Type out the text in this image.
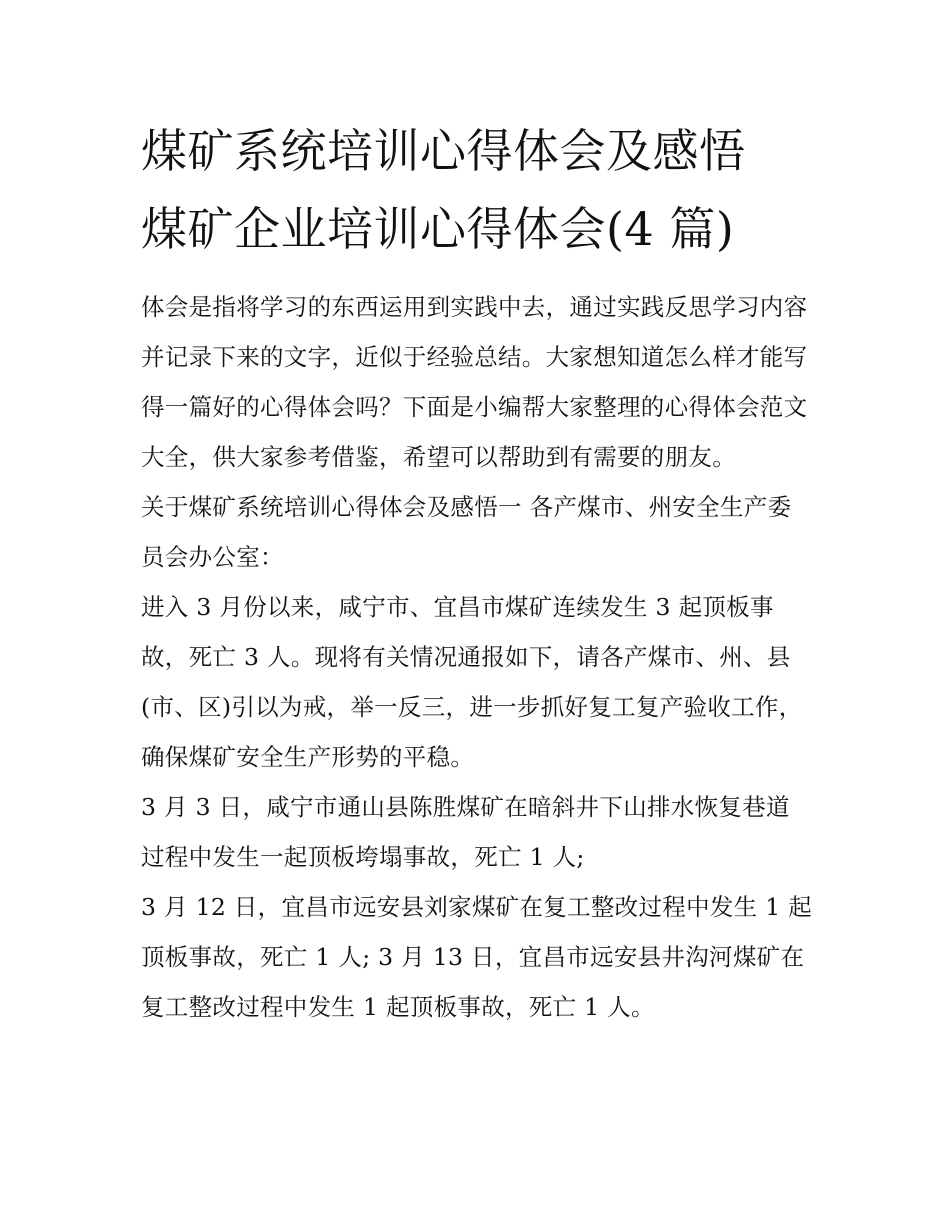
煤矿系统培训心得体会及感悟
煤矿企业培训心得体会(4 篇)

体会是指将学习的东西运用到实践中去，通过实践反思学习内容并记录下来的文字，近似于经验总结。大家想知道怎么样才能写得一篇好的心得体会吗？下面是小编帮大家整理的心得体会范文大全，供大家参考借鉴，希望可以帮助到有需要的朋友。

关于煤矿系统培训心得体会及感悟一 各产煤市、州安全生产委员会办公室：

进入 3 月份以来，咸宁市、宜昌市煤矿连续发生 3 起顶板事故，死亡 3 人。现将有关情况通报如下，请各产煤市、州、县(市、区)引以为戒，举一反三，进一步抓好复工复产验收工作，确保煤矿安全生产形势的平稳。

3 月 3 日，咸宁市通山县陈胜煤矿在暗斜井下山排水恢复巷道过程中发生一起顶板垮塌事故，死亡 1 人;

3 月 12 日，宜昌市远安县刘家煤矿在复工整改过程中发生 1 起顶板事故，死亡 1 人; 3 月 13 日，宜昌市远安县井沟河煤矿在复工整改过程中发生 1 起顶板事故，死亡 1 人。
